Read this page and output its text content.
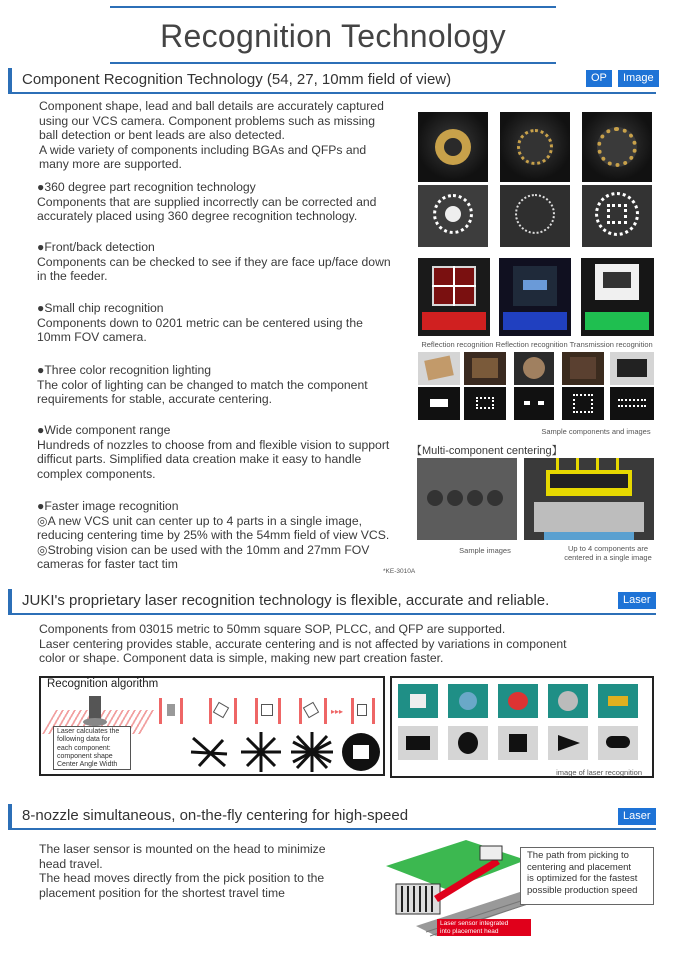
Recognition Technology
Component Recognition Technology (54, 27, 10mm field of view)	OP	Image
Component shape, lead and ball details are accurately captured
using our VCS camera. Component problems such as missing
ball detection or bent leads are also detected.
A wide variety of components including BGAs and QFPs and
many more are supported.
●360 degree part recognition technology
Components that are supplied incorrectly can be corrected and
accurately placed using 360 degree recognition technology.
●Front/back detection
Components can be checked to see if they are face up/face down
in the feeder.
●Small chip recognition
Components down to 0201 metric can be centered using the
10mm FOV camera.
●Three color recognition lighting
The color of lighting can be changed to match the component
requirements for stable, accurate centering.
●Wide component range
Hundreds of nozzles to choose from and flexible vision to support
difficut parts. Simplified data creation make it easy to handle
complex components.
●Faster image recognition
◎A new VCS unit can center up to 4 parts in a single image,
reducing centering time by 25% with the 54mm field of view VCS.
◎Strobing vision can be used with the 10mm and 27mm FOV
cameras for faster tact tim
Reflection recognition Reflection recognition Transmission recognition
Sample components and images
【Multi-component centering】
Sample images	Up to 4 components are
centered in a single image
*KE-3010A
JUKI's proprietary laser recognition technology is flexible, accurate and reliable.	Laser
Components from 03015 metric to 50mm square SOP, PLCC, and QFP are supported.
Laser centering provides stable, accurate centering and is not affected by variations in component
color or shape. Component data is simple, making new part creation faster.
Recognition algorithm
▸▸▸
Laser calculates the
following data for
each component:
component shape
Center Angle Width
image of laser recognition
8-nozzle simultaneous, on-the-fly centering for high-speed	Laser
The laser sensor is mounted on the head to minimize
head travel.
The head moves directly from the pick position to the
placement position for the shortest travel time
The path from picking to
centering and placement
is optimized for the fastest
possible production speed
Laser sensor integrated
into placement head
